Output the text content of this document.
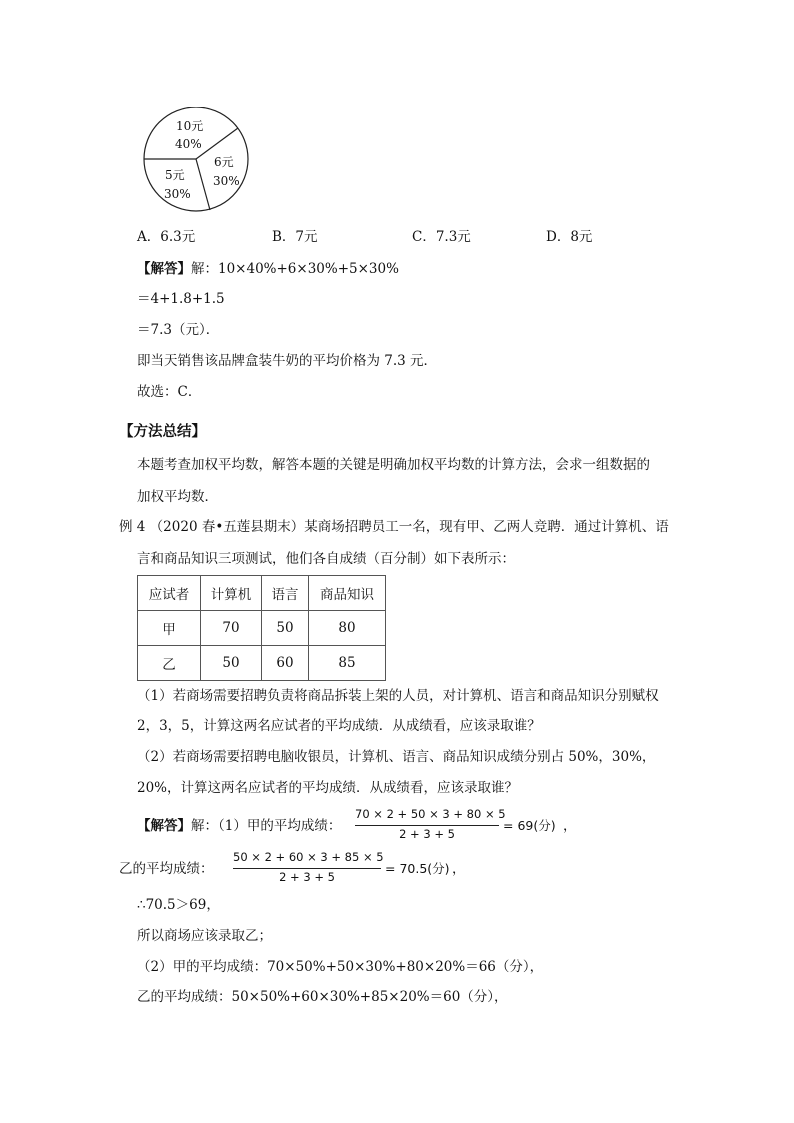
10元
40%
6元
30%
5元
30%
A．6.3元	B．7元	C．7.3元	D．8元
【解答】解：10×40%+6×30%+5×30%
＝4+1.8+1.5
＝7.3（元）．
即当天销售该品牌盒装牛奶的平均价格为 7.3 元．
故选：C．
【方法总结】
本题考查加权平均数，解答本题的关键是明确加权平均数的计算方法，会求一组数据的
加权平均数．
例 4 （2020 春•五莲县期末）某商场招聘员工一名，现有甲、乙两人竞聘．通过计算机、语
言和商品知识三项测试，他们各自成绩（百分制）如下表所示：
应试者	计算机	语言	商品知识
甲	70	50	80
乙	50	60	85
（1）若商场需要招聘负责将商品拆装上架的人员，对计算机、语言和商品知识分别赋权
2，3，5，计算这两名应试者的平均成绩．从成绩看，应该录取谁？
（2）若商场需要招聘电脑收银员，计算机、语言、商品知识成绩分别占 50%，30%，
20%，计算这两名应试者的平均成绩．从成绩看，应该录取谁？
【解答】解：（1）甲的平均成绩：
70 × 2 + 50 × 3 + 80 × 5
2 + 3 + 5
= 69(分) ，
乙的平均成绩：
50 × 2 + 60 × 3 + 85 × 5
2 + 3 + 5
= 70.5(分) ，
∴70.5＞69，
所以商场应该录取乙；
（2）甲的平均成绩：70×50%+50×30%+80×20%＝66（分），
乙的平均成绩：50×50%+60×30%+85×20%＝60（分），
